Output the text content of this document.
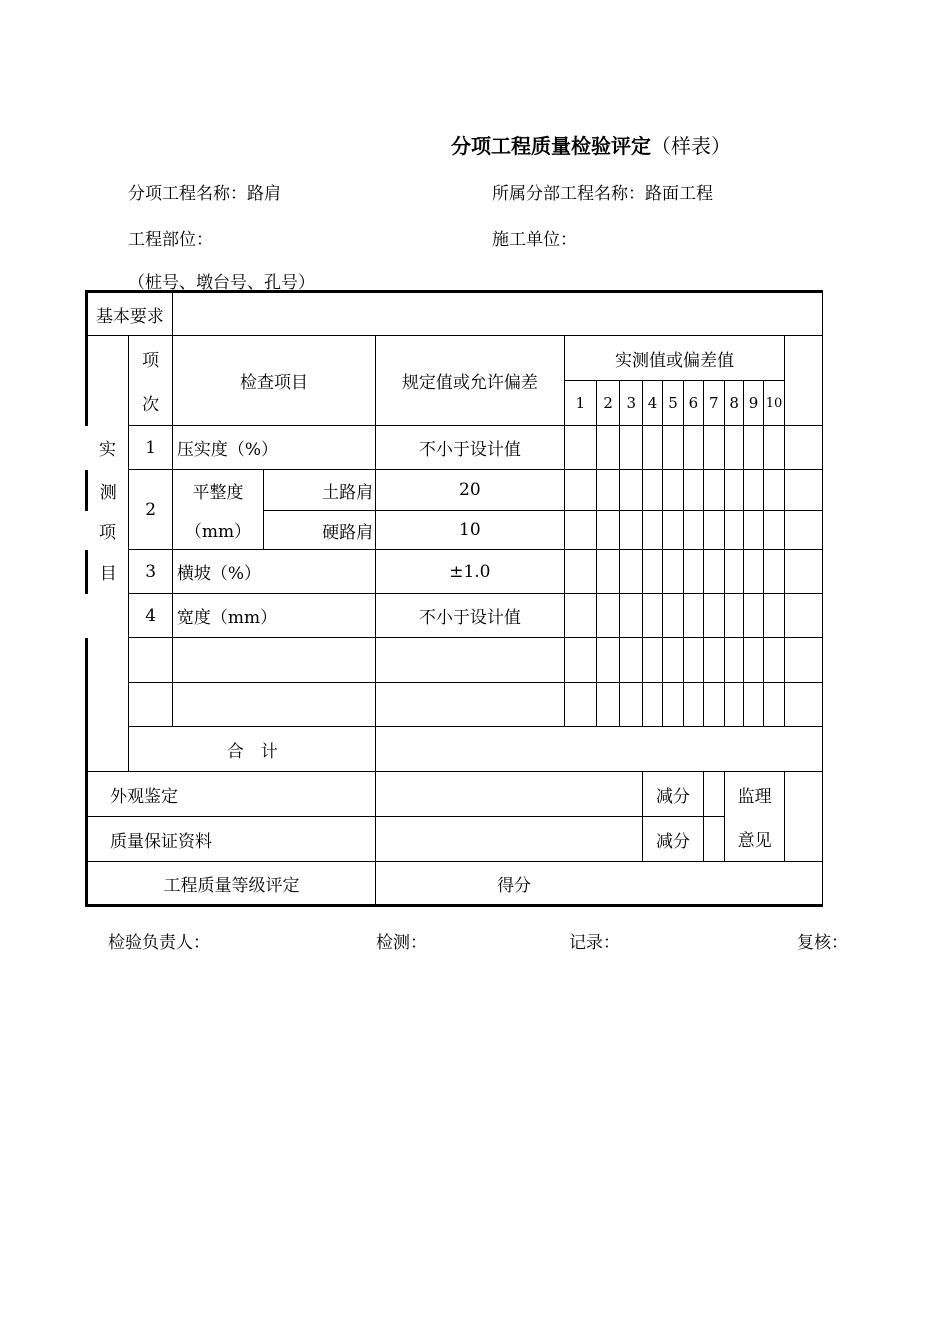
分项工程质量检验评定（样表）
分项工程名称：路肩	所属分部工程名称：路面工程
工程部位：	施工单位：
（桩号、墩台号、孔号）
基本要求															
	项	检查项目		规定值或允许偏差	实测值或偏差值										
	次				1	2	3	4	5	6	7	8	9	10	
实	1	压实度（%）		不小于设计值											
测	2	平整度	土路肩	20											
项		（mm）	硬路肩	10											
目	3	横坡（%）		±1.0											
	4	宽度（mm）		不小于设计值											

	合　计														
外观鉴定								减分				监理			
质量保证资料								减分				意见			
工程质量等级评定				得分											
检验负责人：	检测：	记录：	复核：
